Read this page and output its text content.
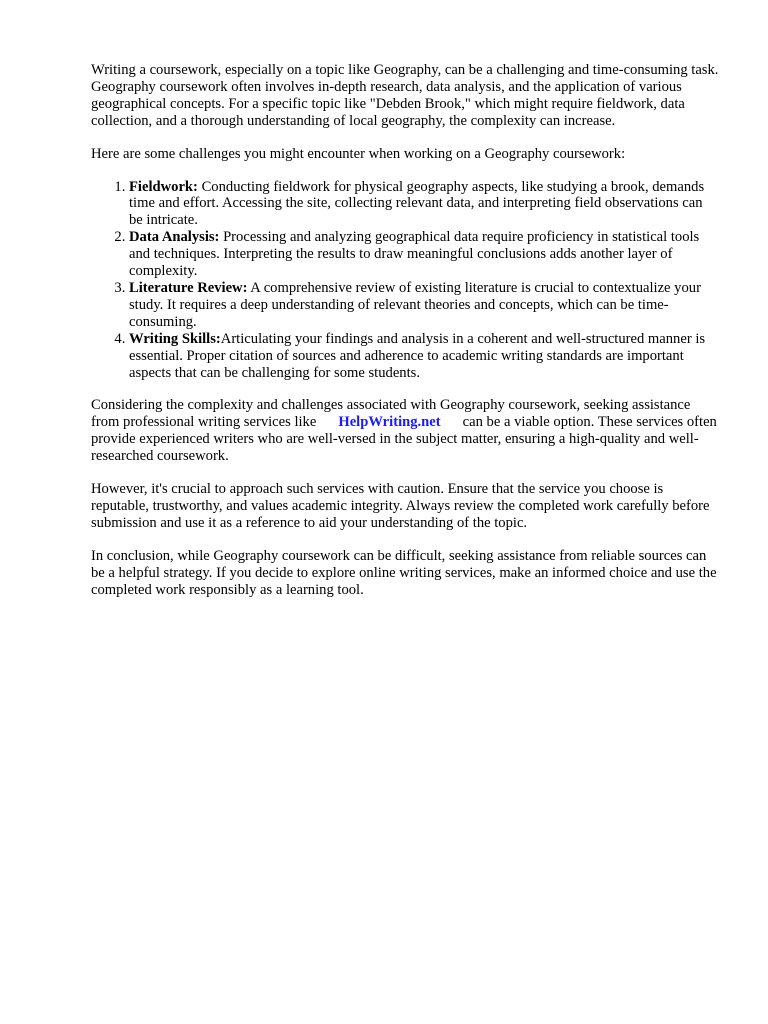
Writing a coursework, especially on a topic like Geography, can be a challenging and time-consuming task. Geography coursework often involves in-depth research, data analysis, and the application of various geographical concepts. For a specific topic like "Debden Brook," which might require fieldwork, data collection, and a thorough understanding of local geography, the complexity can increase.

Here are some challenges you might encounter when working on a Geography coursework:

1. Fieldwork: Conducting fieldwork for physical geography aspects, like studying a brook, demands time and effort. Accessing the site, collecting relevant data, and interpreting field observations can be intricate.
2. Data Analysis: Processing and analyzing geographical data require proficiency in statistical tools and techniques. Interpreting the results to draw meaningful conclusions adds another layer of complexity.
3. Literature Review: A comprehensive review of existing literature is crucial to contextualize your study. It requires a deep understanding of relevant theories and concepts, which can be time-consuming.
4. Writing Skills:Articulating your findings and analysis in a coherent and well-structured manner is essential. Proper citation of sources and adherence to academic writing standards are important aspects that can be challenging for some students.

Considering the complexity and challenges associated with Geography coursework, seeking assistance from professional writing services like HelpWriting.net can be a viable option. These services often provide experienced writers who are well-versed in the subject matter, ensuring a high-quality and well-researched coursework.

However, it's crucial to approach such services with caution. Ensure that the service you choose is reputable, trustworthy, and values academic integrity. Always review the completed work carefully before submission and use it as a reference to aid your understanding of the topic.

In conclusion, while Geography coursework can be difficult, seeking assistance from reliable sources can be a helpful strategy. If you decide to explore online writing services, make an informed choice and use the completed work responsibly as a learning tool.
